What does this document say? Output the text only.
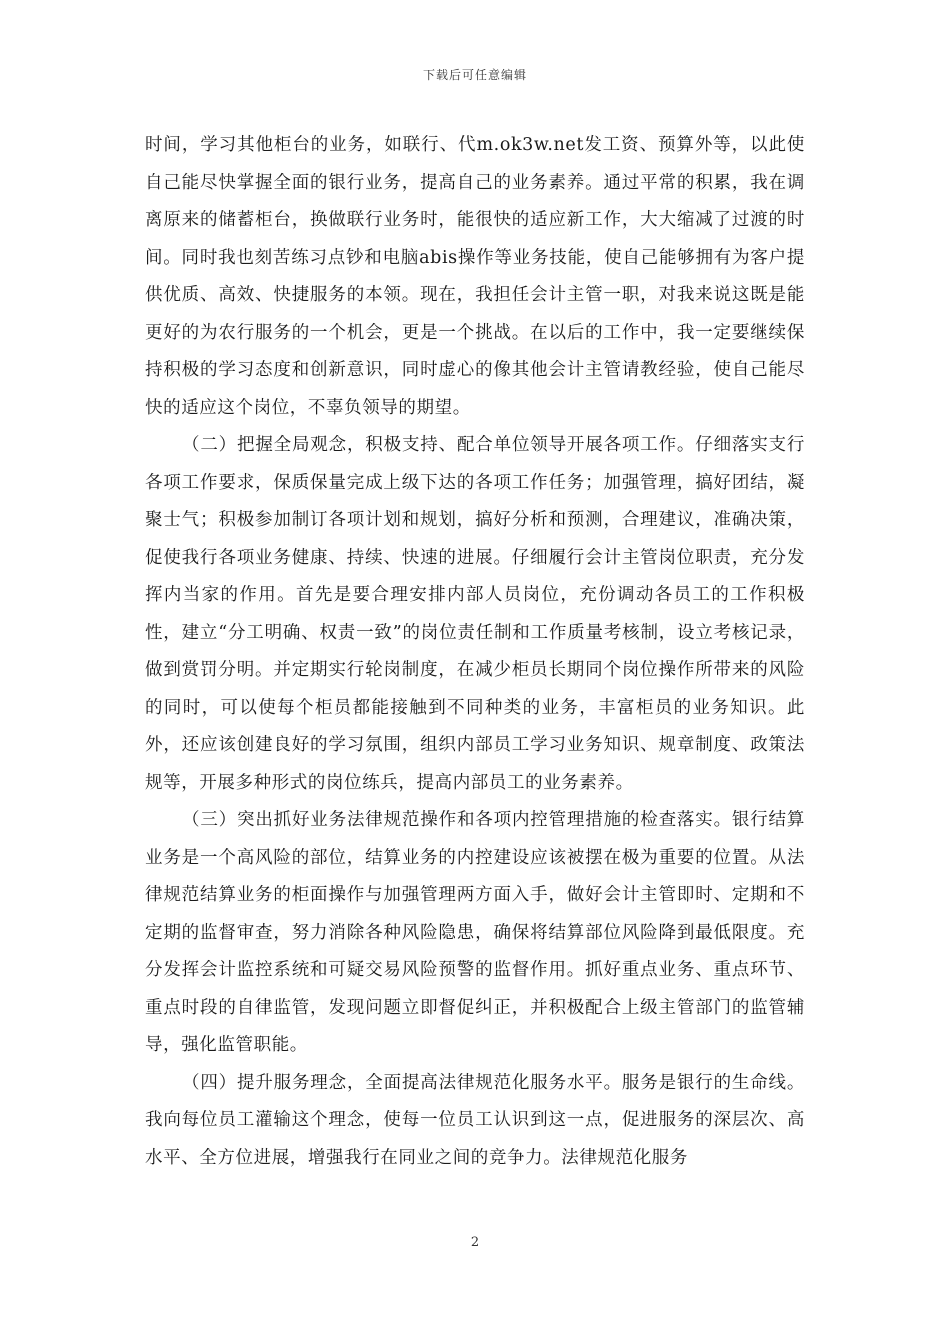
下载后可任意编辑

时间，学习其他柜台的业务，如联行、代m.ok3w.net发工资、预算外等，以此使自己能尽快掌握全面的银行业务，提高自己的业务素养。通过平常的积累，我在调离原来的储蓄柜台，换做联行业务时，能很快的适应新工作，大大缩减了过渡的时间。同时我也刻苦练习点钞和电脑abis操作等业务技能，使自己能够拥有为客户提供优质、高效、快捷服务的本领。现在，我担任会计主管一职，对我来说这既是能更好的为农行服务的一个机会，更是一个挑战。在以后的工作中，我一定要继续保持积极的学习态度和创新意识，同时虚心的像其他会计主管请教经验，使自己能尽快的适应这个岗位，不辜负领导的期望。

（二）把握全局观念，积极支持、配合单位领导开展各项工作。仔细落实支行各项工作要求，保质保量完成上级下达的各项工作任务；加强管理，搞好团结，凝聚士气；积极参加制订各项计划和规划，搞好分析和预测，合理建议，准确决策，促使我行各项业务健康、持续、快速的进展。仔细履行会计主管岗位职责，充分发挥内当家的作用。首先是要合理安排内部人员岗位，充份调动各员工的工作积极性，建立“分工明确、权责一致”的岗位责任制和工作质量考核制，设立考核记录，做到赏罚分明。并定期实行轮岗制度，在减少柜员长期同个岗位操作所带来的风险的同时，可以使每个柜员都能接触到不同种类的业务，丰富柜员的业务知识。此外，还应该创建良好的学习氛围，组织内部员工学习业务知识、规章制度、政策法规等，开展多种形式的岗位练兵，提高内部员工的业务素养。

（三）突出抓好业务法律规范操作和各项内控管理措施的检查落实。银行结算业务是一个高风险的部位，结算业务的内控建设应该被摆在极为重要的位置。从法律规范结算业务的柜面操作与加强管理两方面入手，做好会计主管即时、定期和不定期的监督审查，努力消除各种风险隐患，确保将结算部位风险降到最低限度。充分发挥会计监控系统和可疑交易风险预警的监督作用。抓好重点业务、重点环节、重点时段的自律监管，发现问题立即督促纠正，并积极配合上级主管部门的监管辅导，强化监管职能。

（四）提升服务理念，全面提高法律规范化服务水平。服务是银行的生命线。我向每位员工灌输这个理念，使每一位员工认识到这一点，促进服务的深层次、高水平、全方位进展，增强我行在同业之间的竞争力。法律规范化服务

2
